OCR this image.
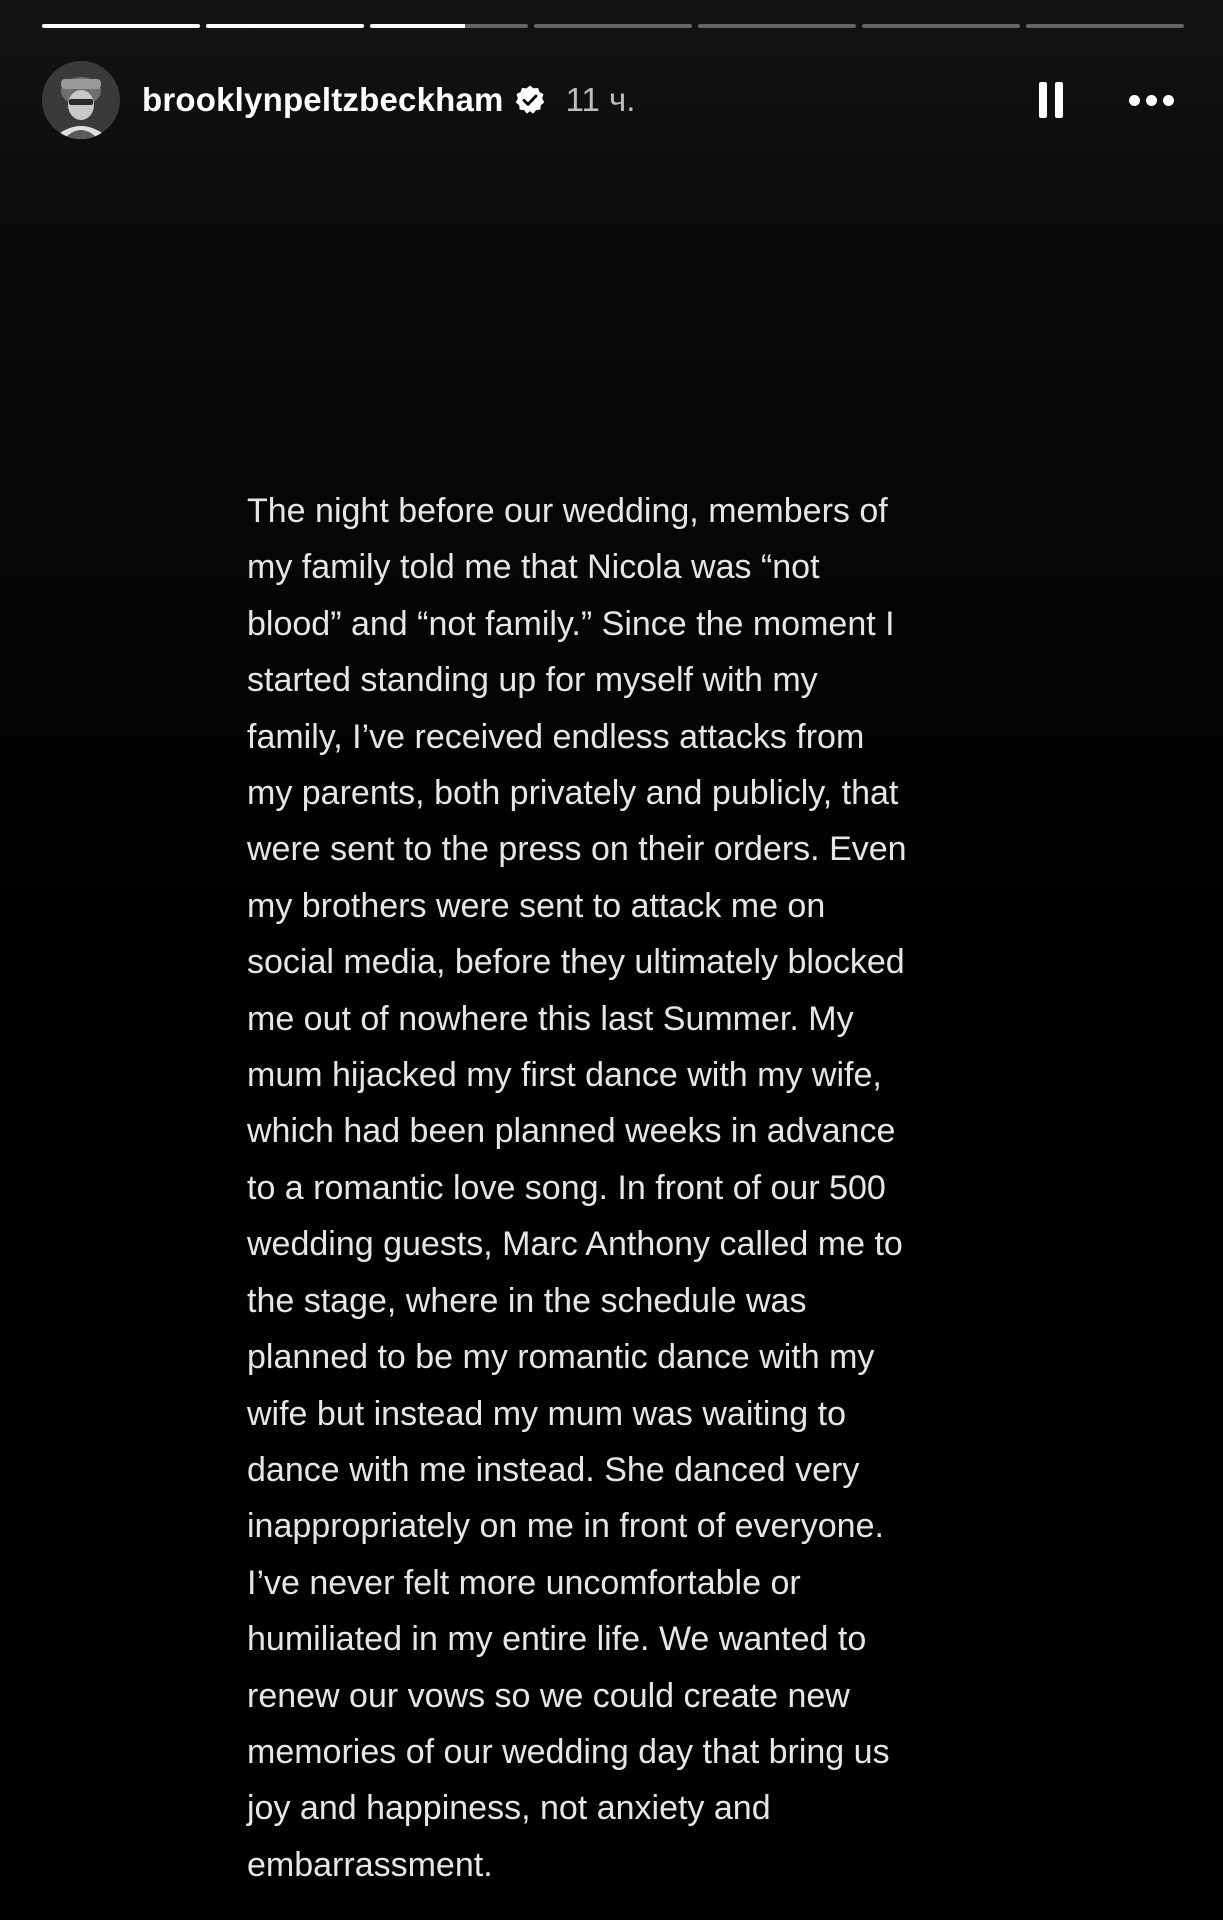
brooklynpeltzbeckham 11 ч.

The night before our wedding, members of
my family told me that Nicola was “not
blood” and “not family.” Since the moment I
started standing up for myself with my
family, I’ve received endless attacks from
my parents, both privately and publicly, that
were sent to the press on their orders. Even
my brothers were sent to attack me on
social media, before they ultimately blocked
me out of nowhere this last Summer. My
mum hijacked my first dance with my wife,
which had been planned weeks in advance
to a romantic love song. In front of our 500
wedding guests, Marc Anthony called me to
the stage, where in the schedule was
planned to be my romantic dance with my
wife but instead my mum was waiting to
dance with me instead. She danced very
inappropriately on me in front of everyone.
I’ve never felt more uncomfortable or
humiliated in my entire life. We wanted to
renew our vows so we could create new
memories of our wedding day that bring us
joy and happiness, not anxiety and
embarrassment.
